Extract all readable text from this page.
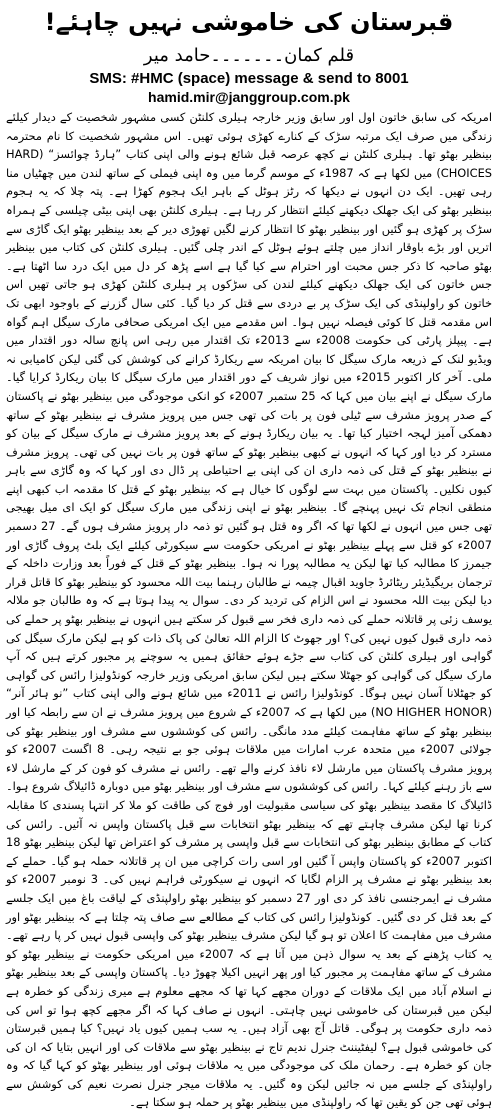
قبرستان کی خاموشی نہیں چاہئے!
قلم کمان۔۔۔۔۔۔۔حامد میر
SMS: #HMC (space) message & send to 8001
hamid.mir@janggroup.com.pk

امریکہ کی سابق خاتون اول اور سابق وزیر خارجہ ہیلری کلنٹن کسی مشہور شخصیت کے دیدار کیلئے زندگی میں صرف ایک مرتبہ سڑک کے کنارے کھڑی ہوئی تھیں۔ اس مشہور شخصیت کا نام محترمہ بینظیر بھٹو تھا۔ ہیلری کلنٹن نے کچھ عرصہ قبل شائع ہونے والی اپنی کتاب ”ہارڈ چوائسز“ (HARD CHOICES) میں لکھا ہے کہ 1987ء کے موسم گرما میں وہ اپنی فیملی کے ساتھ لندن میں چھٹیاں منا رہی تھیں۔ ایک دن انہوں نے دیکھا کہ رٹز ہوٹل کے باہر ایک ہجوم کھڑا ہے۔ پتہ چلا کہ یہ ہجوم بینظیر بھٹو کی ایک جھلک دیکھنے کیلئے انتظار کر رہا ہے۔ ہیلری کلنٹن بھی اپنی بیٹی چیلسی کے ہمراہ سڑک پر کھڑی ہو گئیں اور بینظیر بھٹو کا انتظار کرنے لگیں تھوڑی دیر کے بعد بینظیر بھٹو ایک گاڑی سے اتریں اور بڑے باوقار انداز میں چلتے ہوئے ہوٹل کے اندر چلی گئیں۔ ہیلری کلنٹن کی کتاب میں بینظیر بھٹو صاحبہ کا ذکر جس محبت اور احترام سے کیا گیا ہے اسے پڑھ کر دل میں ایک درد سا اٹھتا ہے۔ جس خاتون کی ایک جھلک دیکھنے کیلئے لندن کی سڑکوں پر ہیلری کلنٹن کھڑی ہو جاتی تھیں اس خاتون کو راولپنڈی کی ایک سڑک پر بے دردی سے قتل کر دیا گیا۔ کئی سال گزرنے کے باوجود ابھی تک اس مقدمہ قتل کا کوئی فیصلہ نہیں ہوا۔ اس مقدمے میں ایک امریکی صحافی مارک سیگل اہم گواہ ہے۔ پیپلز پارٹی کی حکومت 2008ء سے 2013ء تک اقتدار میں رہی اس پانچ سالہ دور اقتدار میں ویڈیو لنک کے ذریعہ مارک سیگل کا بیان امریکہ سے ریکارڈ کرانے کی کوشش کی گئی لیکن کامیابی نہ ملی۔ آخر کار اکتوبر 2015ء میں نواز شریف کے دور اقتدار میں مارک سیگل کا بیان ریکارڈ کرایا گیا۔ مارک سیگل نے اپنے بیان میں کہا کہ 25 ستمبر 2007ء کو انکی موجودگی میں بینظیر بھٹو نے پاکستان کے صدر پرویز مشرف سے ٹیلی فون پر بات کی تھی جس میں پرویز مشرف نے بینظیر بھٹو کے ساتھ دھمکی آمیز لہجہ اختیار کیا تھا۔ یہ بیان ریکارڈ ہونے کے بعد پرویز مشرف نے مارک سیگل کے بیان کو مسترد کر دیا اور کہا کہ انہوں نے کبھی بینظیر بھٹو کے ساتھ فون پر بات نہیں کی تھی۔ پرویز مشرف نے بینظیر بھٹو کے قتل کی ذمہ داری ان کی اپنی بے احتیاطی پر ڈال دی اور کہا کہ وہ گاڑی سے باہر کیوں نکلیں۔ پاکستان میں بہت سے لوگوں کا خیال ہے کہ بینظیر بھٹو کے قتل کا مقدمہ اب کبھی اپنے منطقی انجام تک نہیں پہنچے گا۔ بینظیر بھٹو نے اپنی زندگی میں مارک سیگل کو ایک ای میل بھیجی تھی جس میں انہوں نے لکھا تھا کہ اگر وہ قتل ہو گئیں تو ذمہ دار پرویز مشرف ہوں گے۔ 27 دسمبر 2007ء کو قتل سے پہلے بینظیر بھٹو نے امریکی حکومت سے سیکورٹی کیلئے ایک بلٹ پروف گاڑی اور جیمرز کا مطالبہ کیا تھا لیکن یہ مطالبہ پورا نہ ہوا۔ بینظیر بھٹو کے قتل کے فوراً بعد وزارت داخلہ کے ترجمان بریگیڈیئر ریٹائرڈ جاوید اقبال چیمہ نے طالبان رہنما بیت اللہ محسود کو بینظیر بھٹو کا قاتل قرار دیا لیکن بیت اللہ محسود نے اس الزام کی تردید کر دی۔ سوال یہ پیدا ہوتا ہے کہ وہ طالبان جو ملالہ یوسف زئی پر قاتلانہ حملے کی ذمہ داری فخر سے قبول کر سکتے ہیں انہوں نے بینظیر بھٹو پر حملے کی ذمہ داری قبول کیوں نہیں کی؟ اور جھوٹ کا الزام اللہ تعالیٰ کی پاک ذات کو ہے لیکن مارک سیگل کی گواہی اور ہیلری کلنٹن کی کتاب سے جڑے ہوئے حقائق ہمیں یہ سوچنے پر مجبور کرتے ہیں کہ آپ مارک سیگل کی گواہی کو جھٹلا سکتے ہیں لیکن سابق امریکی وزیر خارجہ کونڈولیزا رائس کی گواہی کو جھٹلانا آسان نہیں ہوگا۔ کونڈولیزا رائس نے 2011ء میں شائع ہونے والی اپنی کتاب ”نو ہائر آنر“ (NO HIGHER HONOR) میں لکھا ہے کہ 2007ء کے شروع میں پرویز مشرف نے ان سے رابطہ کیا اور بینظیر بھٹو کے ساتھ مفاہمت کیلئے مدد مانگی۔ رائس کی کوششوں سے مشرف اور بینظیر بھٹو کی جولائی 2007ء میں متحدہ عرب امارات میں ملاقات ہوئی جو بے نتیجہ رہی۔ 8 اگست 2007ء کو پرویز مشرف پاکستان میں مارشل لاء نافذ کرنے والے تھے۔ رائس نے مشرف کو فون کر کے مارشل لاء سے باز رہنے کیلئے کہا۔ رائس کی کوششوں سے مشرف اور بینظیر بھٹو میں دوبارہ ڈائیلاگ شروع ہوا۔ ڈائیلاگ کا مقصد بینظیر بھٹو کی سیاسی مقبولیت اور فوج کی طاقت کو ملا کر انتہا پسندی کا مقابلہ کرنا تھا لیکن مشرف چاہتے تھے کہ بینظیر بھٹو انتخابات سے قبل پاکستان واپس نہ آئیں۔ رائس کی کتاب کے مطابق بینظیر بھٹو کی انتخابات سے قبل واپسی پر مشرف کو اعتراض تھا لیکن بینظیر بھٹو 18 اکتوبر 2007ء کو پاکستان واپس آ گئیں اور اسی رات کراچی میں ان پر قاتلانہ حملہ ہو گیا۔ حملے کے بعد بینظیر بھٹو نے مشرف پر الزام لگایا کہ انہوں نے سیکورٹی فراہم نہیں کی۔ 3 نومبر 2007ء کو مشرف نے ایمرجنسی نافذ کر دی اور 27 دسمبر کو بینظیر بھٹو راولپنڈی کے لیاقت باغ میں ایک جلسے کے بعد قتل کر دی گئیں۔ کونڈولیزا رائس کی کتاب کے مطالعے سے صاف پتہ چلتا ہے کہ بینظیر بھٹو اور مشرف میں مفاہمت کا اعلان تو ہو گیا لیکن مشرف بینظیر بھٹو کی واپسی قبول نہیں کر پا رہے تھے۔ یہ کتاب پڑھنے کے بعد یہ سوال ذہن میں آتا ہے کہ 2007ء میں امریکی حکومت نے بینظیر بھٹو کو مشرف کے ساتھ مفاہمت پر مجبور کیا اور پھر انہیں اکیلا چھوڑ دیا۔ پاکستان واپسی کے بعد بینظیر بھٹو نے اسلام آباد میں ایک ملاقات کے دوران مجھے کہا تھا کہ مجھے معلوم ہے میری زندگی کو خطرہ ہے لیکن میں قبرستان کی خاموشی نہیں چاہتی۔ انہوں نے صاف کہا کہ اگر مجھے کچھ ہوا تو اس کی ذمہ داری حکومت پر ہوگی۔ قاتل آج بھی آزاد ہیں۔ یہ سب ہمیں کیوں یاد نہیں؟ کیا ہمیں قبرستان کی خاموشی قبول ہے؟ لیفٹیننٹ جنرل ندیم تاج نے بینظیر بھٹو سے ملاقات کی اور انہیں بتایا کہ ان کی جان کو خطرہ ہے۔ رحمان ملک کی موجودگی میں یہ ملاقات ہوئی اور بینظیر بھٹو کو کہا گیا کہ وہ راولپنڈی کے جلسے میں نہ جائیں لیکن وہ گئیں۔ یہ ملاقات میجر جنرل نصرت نعیم کی کوشش سے ہوئی تھی جن کو یقین تھا کہ راولپنڈی میں بینظیر بھٹو پر حملہ ہو سکتا ہے۔
